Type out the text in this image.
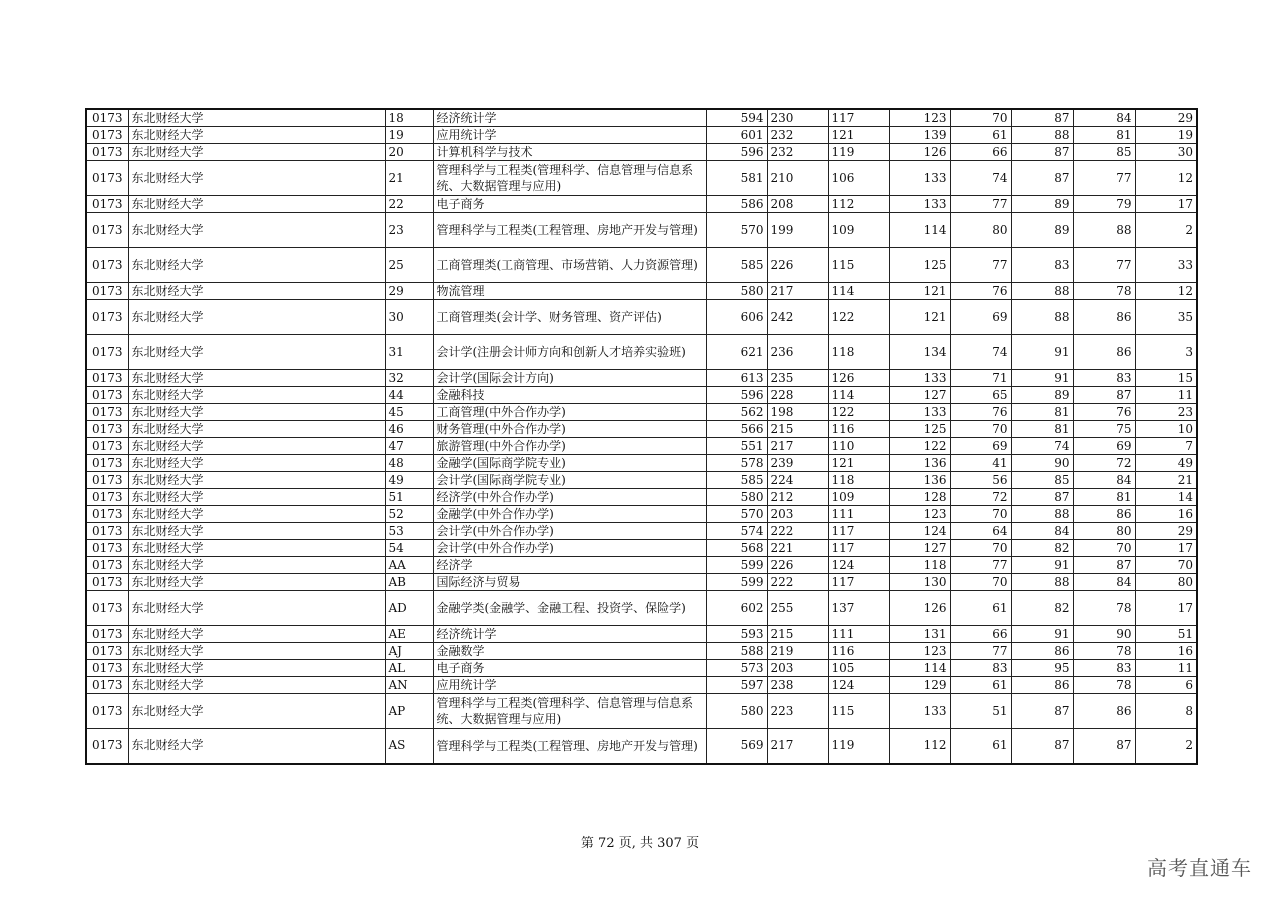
0173	东北财经大学	18	经济统计学	594	230	117	123	70	87	84	29
0173	东北财经大学	19	应用统计学	601	232	121	139	61	88	81	19
0173	东北财经大学	20	计算机科学与技术	596	232	119	126	66	87	85	30
0173	东北财经大学	21	管理科学与工程类(管理科学、信息管理与信息系统、大数据管理与应用)	581	210	106	133	74	87	77	12
0173	东北财经大学	22	电子商务	586	208	112	133	77	89	79	17
0173	东北财经大学	23	管理科学与工程类(工程管理、房地产开发与管理)	570	199	109	114	80	89	88	2
0173	东北财经大学	25	工商管理类(工商管理、市场营销、人力资源管理)	585	226	115	125	77	83	77	33
0173	东北财经大学	29	物流管理	580	217	114	121	76	88	78	12
0173	东北财经大学	30	工商管理类(会计学、财务管理、资产评估)	606	242	122	121	69	88	86	35
0173	东北财经大学	31	会计学(注册会计师方向和创新人才培养实验班)	621	236	118	134	74	91	86	3
0173	东北财经大学	32	会计学(国际会计方向)	613	235	126	133	71	91	83	15
0173	东北财经大学	44	金融科技	596	228	114	127	65	89	87	11
0173	东北财经大学	45	工商管理(中外合作办学)	562	198	122	133	76	81	76	23
0173	东北财经大学	46	财务管理(中外合作办学)	566	215	116	125	70	81	75	10
0173	东北财经大学	47	旅游管理(中外合作办学)	551	217	110	122	69	74	69	7
0173	东北财经大学	48	金融学(国际商学院专业)	578	239	121	136	41	90	72	49
0173	东北财经大学	49	会计学(国际商学院专业)	585	224	118	136	56	85	84	21
0173	东北财经大学	51	经济学(中外合作办学)	580	212	109	128	72	87	81	14
0173	东北财经大学	52	金融学(中外合作办学)	570	203	111	123	70	88	86	16
0173	东北财经大学	53	会计学(中外合作办学)	574	222	117	124	64	84	80	29
0173	东北财经大学	54	会计学(中外合作办学)	568	221	117	127	70	82	70	17
0173	东北财经大学	AA	经济学	599	226	124	118	77	91	87	70
0173	东北财经大学	AB	国际经济与贸易	599	222	117	130	70	88	84	80
0173	东北财经大学	AD	金融学类(金融学、金融工程、投资学、保险学)	602	255	137	126	61	82	78	17
0173	东北财经大学	AE	经济统计学	593	215	111	131	66	91	90	51
0173	东北财经大学	AJ	金融数学	588	219	116	123	77	86	78	16
0173	东北财经大学	AL	电子商务	573	203	105	114	83	95	83	11
0173	东北财经大学	AN	应用统计学	597	238	124	129	61	86	78	6
0173	东北财经大学	AP	管理科学与工程类(管理科学、信息管理与信息系统、大数据管理与应用)	580	223	115	133	51	87	86	8
0173	东北财经大学	AS	管理科学与工程类(工程管理、房地产开发与管理)	569	217	119	112	61	87	87	2
第 72 页, 共 307 页
高考直通车
